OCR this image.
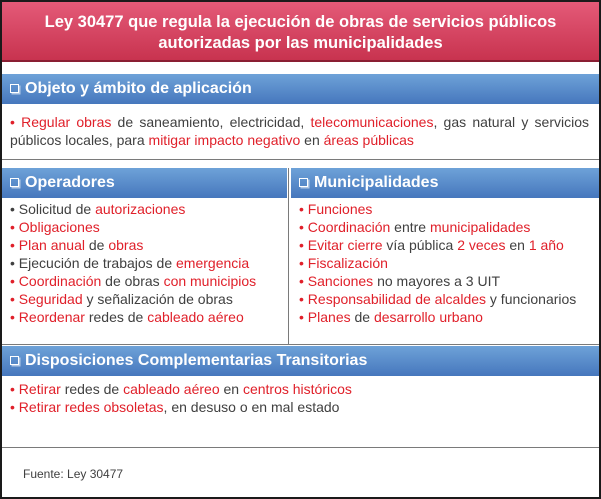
Ley 30477 que regula la ejecución de obras de servicios públicos
autorizadas por las municipalidades
Objeto y ámbito de aplicación
• Regular obras de saneamiento, electricidad, telecomunicaciones, gas natural y servicios públicos locales, para mitigar impacto negativo en áreas públicas
Operadores	Municipalidades
• Solicitud de autorizaciones
• Obligaciones
• Plan anual de obras
• Ejecución de trabajos de emergencia
• Coordinación de obras con municipios
• Seguridad y señalización de obras
• Reordenar redes de cableado aéreo
• Funciones
• Coordinación entre municipalidades
• Evitar cierre vía pública 2 veces en 1 año
• Fiscalización
• Sanciones no mayores a 3 UIT
• Responsabilidad de alcaldes y funcionarios
• Planes de desarrollo urbano
Disposiciones Complementarias Transitorias
• Retirar redes de cableado aéreo en centros históricos
• Retirar redes obsoletas, en desuso o en mal estado
Fuente: Ley 30477
